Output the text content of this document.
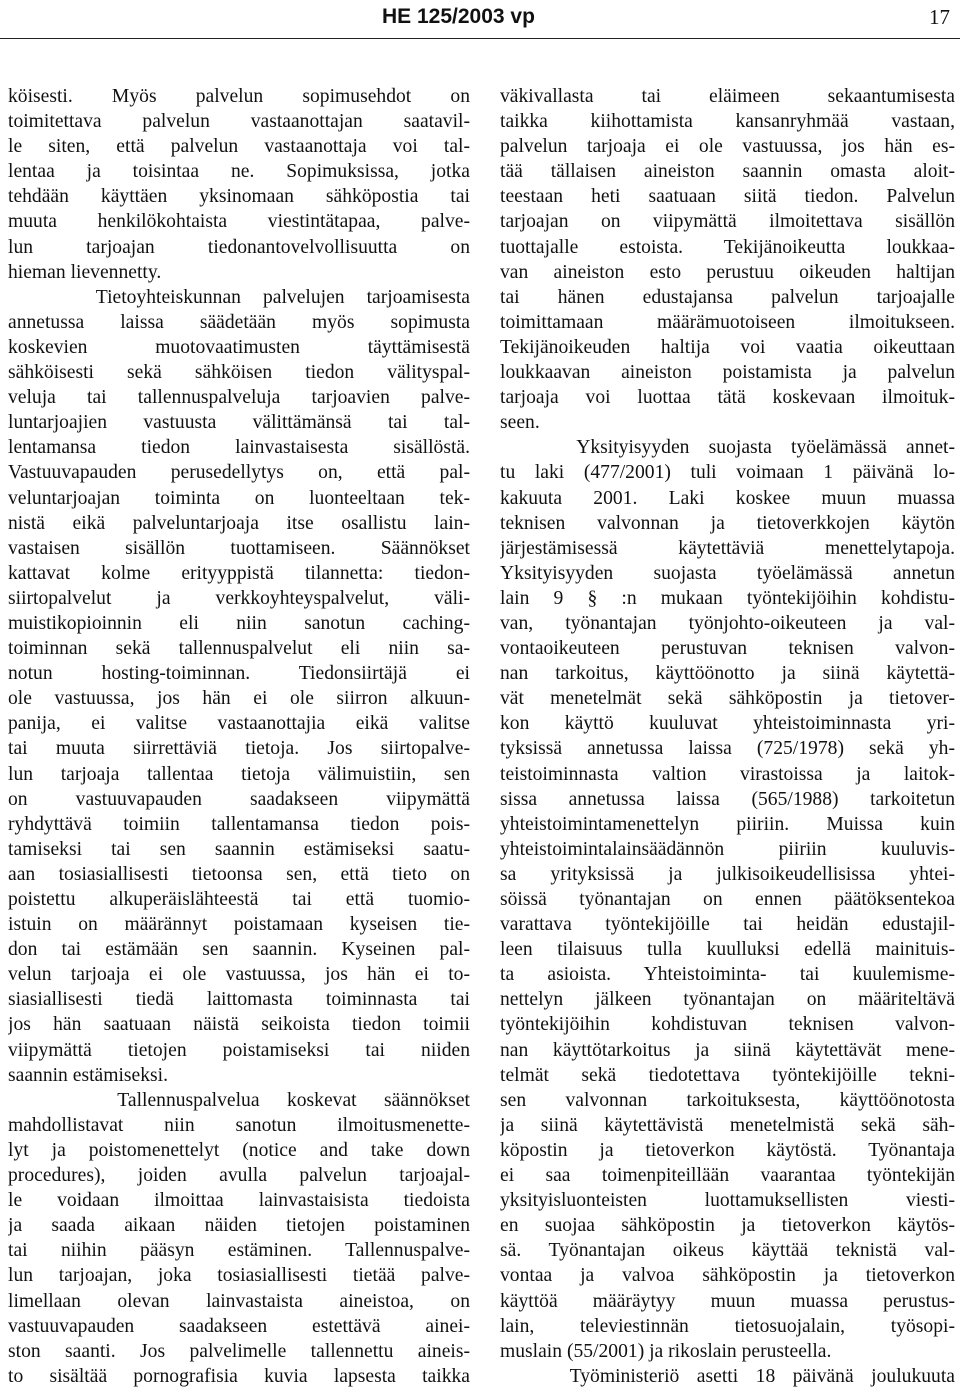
HE 125/2003 vp	17
köisesti. Myös palvelun sopimusehdot on
toimitettava palvelun vastaanottajan saatavil-
le siten, että palvelun vastaanottaja voi tal-
lentaa ja toisintaa ne. Sopimuksissa, jotka
tehdään käyttäen yksinomaan sähköpostia tai
muuta henkilökohtaista viestintätapaa, palve-
lun tarjoajan tiedonantovelvollisuutta on
hieman lievennetty.
Tietoyhteiskunnan palvelujen tarjoamisesta
annetussa laissa säädetään myös sopimusta
koskevien muotovaatimusten täyttämisestä
sähköisesti sekä sähköisen tiedon välityspal-
veluja tai tallennuspalveluja tarjoavien palve-
luntarjoajien vastuusta välittämänsä tai tal-
lentamansa tiedon lainvastaisesta sisällöstä.
Vastuuvapauden perusedellytys on, että pal-
veluntarjoajan toiminta on luonteeltaan tek-
nistä eikä palveluntarjoaja itse osallistu lain-
vastaisen sisällön tuottamiseen. Säännökset
kattavat kolme erityyppistä tilannetta: tiedon-
siirtopalvelut ja verkkoyhteyspalvelut, väli-
muistikopioinnin eli niin sanotun caching-
toiminnan sekä tallennuspalvelut eli niin sa-
notun hosting-toiminnan. Tiedonsiirtäjä ei
ole vastuussa, jos hän ei ole siirron alkuun-
panija, ei valitse vastaanottajia eikä valitse
tai muuta siirrettäviä tietoja. Jos siirtopalve-
lun tarjoaja tallentaa tietoja välimuistiin, sen
on vastuuvapauden saadakseen viipymättä
ryhdyttävä toimiin tallentamansa tiedon pois-
tamiseksi tai sen saannin estämiseksi saatu-
aan tosiasiallisesti tietoonsa sen, että tieto on
poistettu alkuperäislähteestä tai että tuomio-
istuin on määrännyt poistamaan kyseisen tie-
don tai estämään sen saannin. Kyseinen pal-
velun tarjoaja ei ole vastuussa, jos hän ei to-
siasiallisesti tiedä laittomasta toiminnasta tai
jos hän saatuaan näistä seikoista tiedon toimii
viipymättä tietojen poistamiseksi tai niiden
saannin estämiseksi.
Tallennuspalvelua koskevat säännökset
mahdollistavat niin sanotun ilmoitusmenette-
lyt ja poistomenettelyt (notice and take down
procedures), joiden avulla palvelun tarjoajal-
le voidaan ilmoittaa lainvastaisista tiedoista
ja saada aikaan näiden tietojen poistaminen
tai niihin pääsyn estäminen. Tallennuspalve-
lun tarjoajan, joka tosiasiallisesti tietää palve-
limellaan olevan lainvastaista aineistoa, on
vastuuvapauden saadakseen estettävä ainei-
ston saanti. Jos palvelimelle tallennettu aineis-
to sisältää pornografisia kuvia lapsesta taikka
väkivallasta tai eläimeen sekaantumisesta
taikka kiihottamista kansanryhmää vastaan,
palvelun tarjoaja ei ole vastuussa, jos hän es-
tää tällaisen aineiston saannin omasta aloit-
teestaan heti saatuaan siitä tiedon. Palvelun
tarjoajan on viipymättä ilmoitettava sisällön
tuottajalle estoista. Tekijänoikeutta loukkaa-
van aineiston esto perustuu oikeuden haltijan
tai hänen edustajansa palvelun tarjoajalle
toimittamaan määrämuotoiseen ilmoitukseen.
Tekijänoikeuden haltija voi vaatia oikeuttaan
loukkaavan aineiston poistamista ja palvelun
tarjoaja voi luottaa tätä koskevaan ilmoituk-
seen.
Yksityisyyden suojasta työelämässä annet-
tu laki (477/2001) tuli voimaan 1 päivänä lo-
kakuuta 2001. Laki koskee muun muassa
teknisen valvonnan ja tietoverkkojen käytön
järjestämisessä käytettäviä menettelytapoja.
Yksityisyyden suojasta työelämässä annetun
lain 9 § :n mukaan työntekijöihin kohdistu-
van, työnantajan työnjohto-oikeuteen ja val-
vontaoikeuteen perustuvan teknisen valvon-
nan tarkoitus, käyttöönotto ja siinä käytettä-
vät menetelmät sekä sähköpostin ja tietover-
kon käyttö kuuluvat yhteistoiminnasta yri-
tyksissä annetussa laissa (725/1978) sekä yh-
teistoiminnasta valtion virastoissa ja laitok-
sissa annetussa laissa (565/1988) tarkoitetun
yhteistoimintamenettelyn piiriin. Muissa kuin
yhteistoimintalainsäädännön piiriin kuuluvis-
sa yrityksissä ja julkisoikeudellisissa yhtei-
söissä työnantajan on ennen päätöksentekoa
varattava työntekijöille tai heidän edustajil-
leen tilaisuus tulla kuulluksi edellä mainituis-
ta asioista. Yhteistoiminta- tai kuulemisme-
nettelyn jälkeen työnantajan on määriteltävä
työntekijöihin kohdistuvan teknisen valvon-
nan käyttötarkoitus ja siinä käytettävät mene-
telmät sekä tiedotettava työntekijöille tekni-
sen valvonnan tarkoituksesta, käyttöönotosta
ja siinä käytettävistä menetelmistä sekä säh-
köpostin ja tietoverkon käytöstä. Työnantaja
ei saa toimenpiteillään vaarantaa työntekijän
yksityisluonteisten luottamuksellisten viesti-
en suojaa sähköpostin ja tietoverkon käytös-
sä. Työnantajan oikeus käyttää teknistä val-
vontaa ja valvoa sähköpostin ja tietoverkon
käyttöä määräytyy muun muassa perustus-
lain, televiestinnän tietosuojalain, työsopi-
muslain (55/2001) ja rikoslain perusteella.
Työministeriö asetti 18 päivänä joulukuuta
